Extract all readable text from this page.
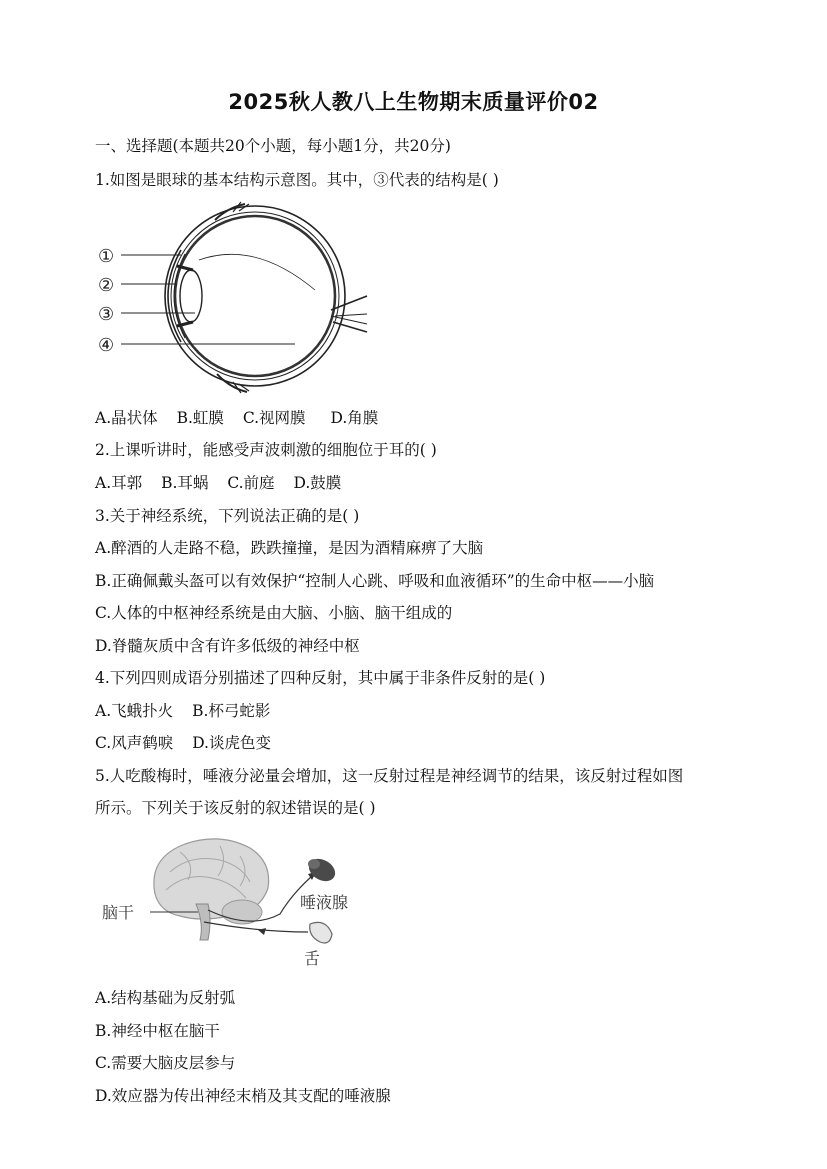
2025秋人教八上生物期末质量评价02
一、选择题(本题共20个小题，每小题1分，共20分)
1.如图是眼球的基本结构示意图。其中，③代表的结构是( )
①
②
③
④
A.晶状体 B.虹膜 C.视网膜 D.角膜
2.上课听讲时，能感受声波刺激的细胞位于耳的( )
A.耳郭 B.耳蜗 C.前庭 D.鼓膜
3.关于神经系统，下列说法正确的是( )
A.醉酒的人走路不稳，跌跌撞撞，是因为酒精麻痹了大脑
B.正确佩戴头盔可以有效保护“控制人心跳、呼吸和血液循环”的生命中枢——小脑
C.人体的中枢神经系统是由大脑、小脑、脑干组成的
D.脊髓灰质中含有许多低级的神经中枢
4.下列四则成语分别描述了四种反射，其中属于非条件反射的是( )
A.飞蛾扑火 B.杯弓蛇影
C.风声鹤唳 D.谈虎色变
5.人吃酸梅时，唾液分泌量会增加，这一反射过程是神经调节的结果，该反射过程如图
所示。下列关于该反射的叙述错误的是( )
脑干
唾液腺
舌
A.结构基础为反射弧
B.神经中枢在脑干
C.需要大脑皮层参与
D.效应器为传出神经末梢及其支配的唾液腺
